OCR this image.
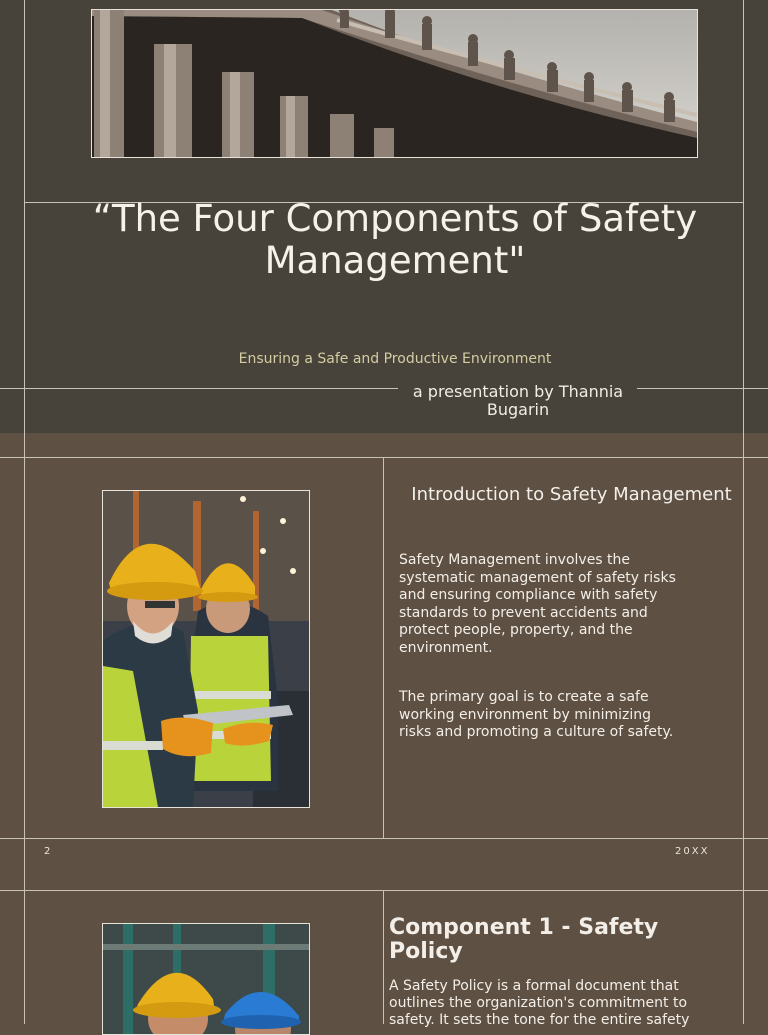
“The Four Components of Safety Management"
Ensuring a Safe and Productive Environment
a presentation by Thannia Bugarin
Introduction to Safety Management
Safety Management involves the systematic management of safety risks and ensuring compliance with safety standards to prevent accidents and protect people, property, and the environment.
The primary goal is to create a safe working environment by minimizing risks and promoting a culture of safety.
2	20XX
Component 1 - Safety Policy
A Safety Policy is a formal document that outlines the organization's commitment to safety. It sets the tone for the entire safety
